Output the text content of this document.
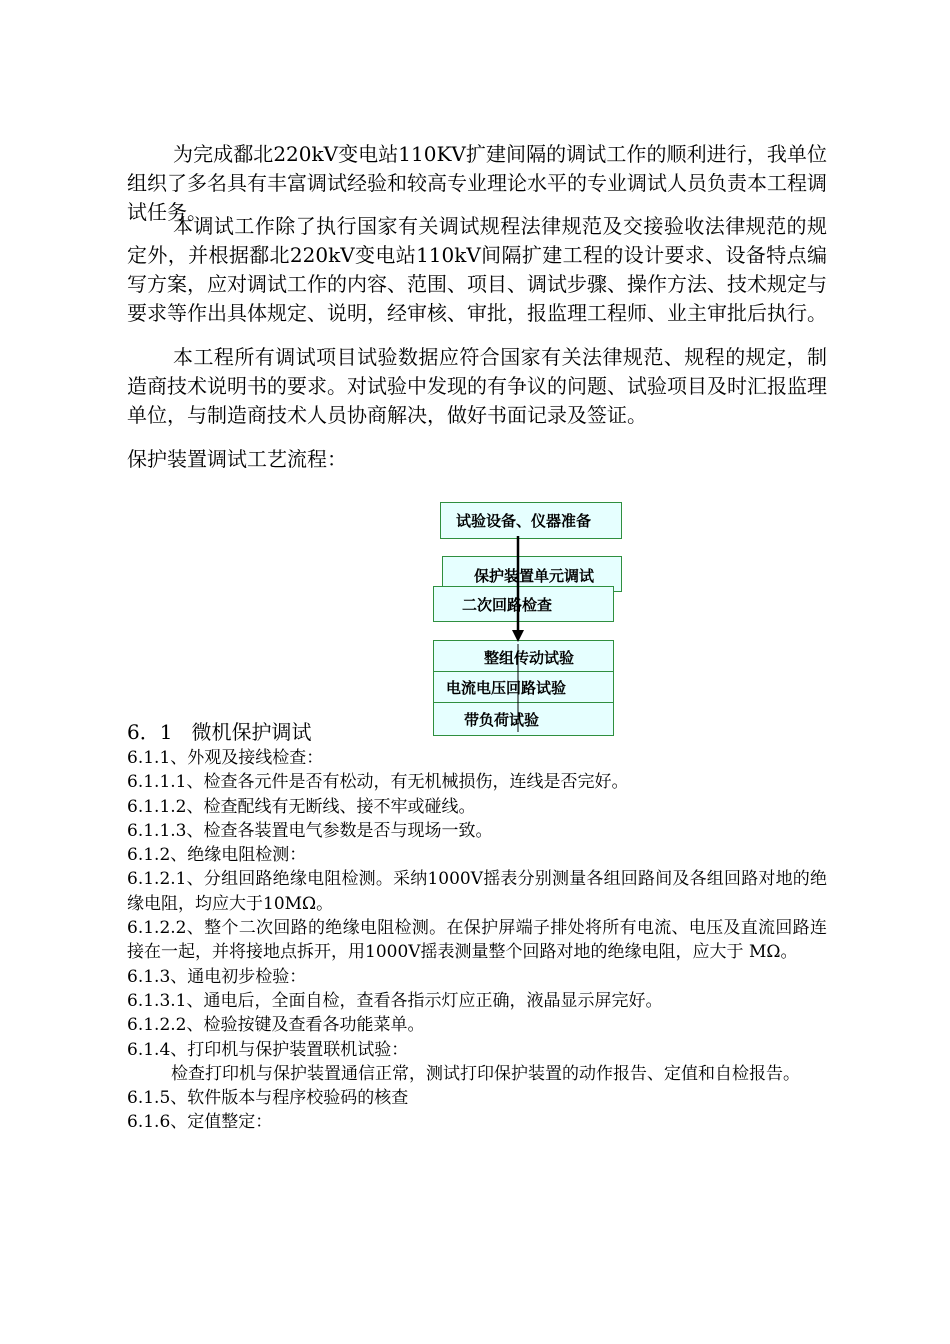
为完成鄱北220kV变电站110KV扩建间隔的调试工作的顺利进行，我单位组织了多名具有丰富调试经验和较高专业理论水平的专业调试人员负责本工程调试任务。

本调试工作除了执行国家有关调试规程法律规范及交接验收法律规范的规定外，并根据鄱北220kV变电站110kV间隔扩建工程的设计要求、设备特点编写方案，应对调试工作的内容、范围、项目、调试步骤、操作方法、技术规定与要求等作出具体规定、说明，经审核、审批，报监理工程师、业主审批后执行。

本工程所有调试项目试验数据应符合国家有关法律规范、规程的规定，制造商技术说明书的要求。对试验中发现的有争议的问题、试验项目及时汇报监理单位，与制造商技术人员协商解决，做好书面记录及签证。

保护装置调试工艺流程：

试验设备、仪器准备
保护装置单元调试
二次回路检查
整组传动试验
电流电压回路试验
带负荷试验

6．1   微机保护调试

6.1.1、外观及接线检查：
6.1.1.1、检查各元件是否有松动，有无机械损伤，连线是否完好。
6.1.1.2、检查配线有无断线、接不牢或碰线。
6.1.1.3、检查各装置电气参数是否与现场一致。
6.1.2、绝缘电阻检测：
6.1.2.1、分组回路绝缘电阻检测。采纳1000V摇表分别测量各组回路间及各组回路对地的绝缘电阻，均应大于10MΩ。
6.1.2.2、整个二次回路的绝缘电阻检测。在保护屏端子排处将所有电流、电压及直流回路连接在一起，并将接地点拆开，用1000V摇表测量整个回路对地的绝缘电阻，应大于 MΩ。
6.1.3、通电初步检验：
6.1.3.1、通电后，全面自检，查看各指示灯应正确，液晶显示屏完好。
6.1.2.2、检验按键及查看各功能菜单。
6.1.4、打印机与保护装置联机试验：
检查打印机与保护装置通信正常，测试打印保护装置的动作报告、定值和自检报告。
6.1.5、软件版本与程序校验码的核查
6.1.6、定值整定：
